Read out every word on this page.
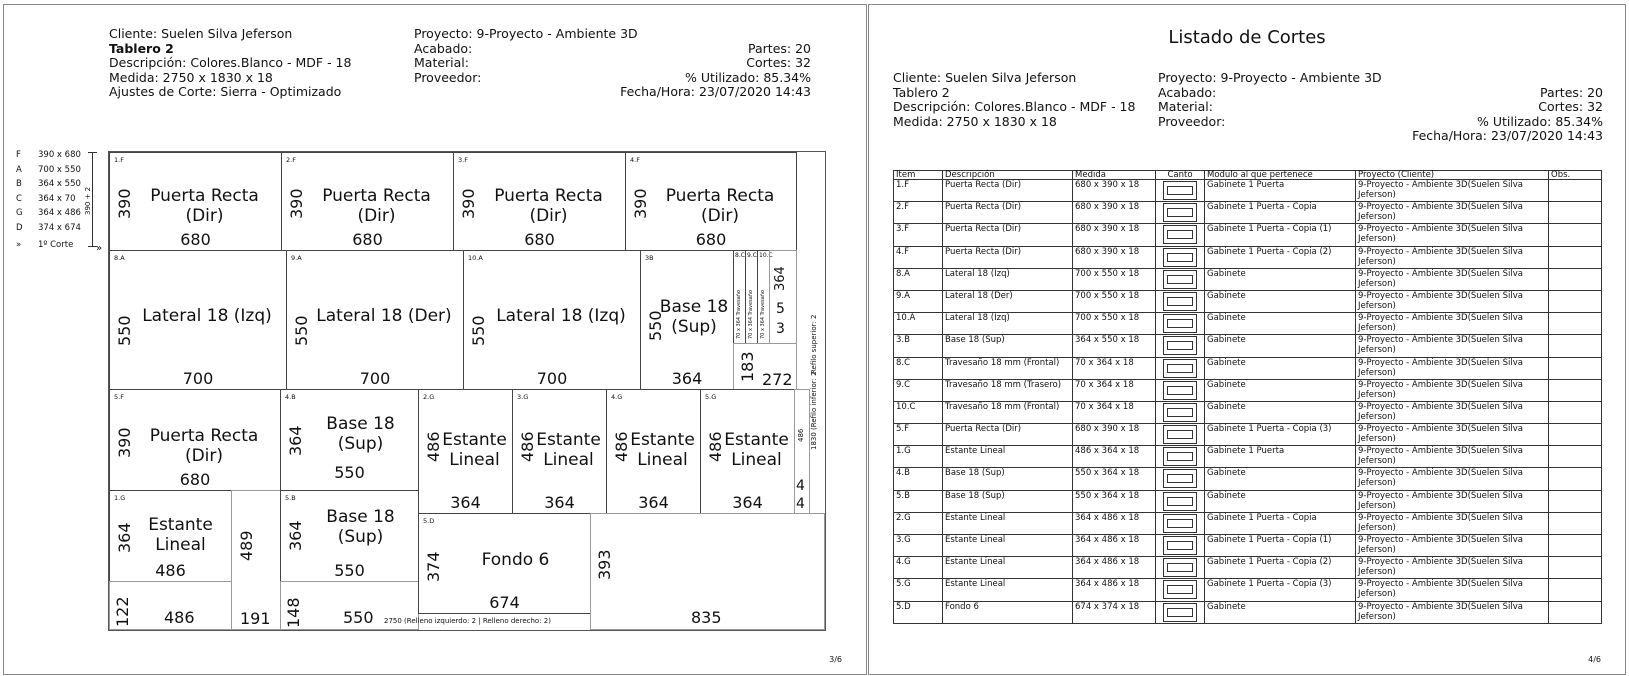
Cliente: Suelen Silva Jeferson
Tablero 2
Descripción: Colores.Blanco - MDF - 18
Medida: 2750 x 1830 x 18
Ajustes de Corte: Sierra - Optimizado
Proyecto: 9-Proyecto - Ambiente 3D
Acabado:
Material:
Proveedor:
Partes: 20
Cortes: 32
% Utilizado: 85.34%
Fecha/Hora: 23/07/2020 14:43
F 390 x 680
A 700 x 550
B 364 x 550
C 364 x 70
G 364 x 486
D 374 x 674
» 1º Corte
390 + 2
»
1.F
390 Puerta Recta (Dir)
680
2.F
390 Puerta Recta (Dir)
680
3.F
390 Puerta Recta (Dir)
680
4.F
390 Puerta Recta (Dir)
680
8.A
550 Lateral 18 (Izq)
700
9.A
550 Lateral 18 (Der)
700
10.A
550 Lateral 18 (Izq)
700
3B
550
Base 18 (Sup)
364
8.C
70 x 364 Travesaño
9.C
70 x 364 Travesaño
10.C
70 x 364 Travesaño
364
5
3
183 272
5.F
390 Puerta Recta (Dir)
680
4.B
364
Base 18 (Sup)
550
2.G
486 Estante Lineal
364
3.G
486 Estante Lineal
364
4.G
486 Estante Lineal
364
5.G
486 Estante Lineal
364
486
4
4
1.G
364 Estante Lineal
486
489
191
122 486
5.B
364
Base 18 (Sup)
550
148	550
5.D
374	Fondo 6
674
393
835
Refilo superior: 2
1830 (Refilo inferior: 2
2750 (Relleno izquierdo: 2 | Relleno derecho: 2)
3/6
Listado de Cortes
Cliente: Suelen Silva Jeferson
Tablero 2
Descripción: Colores.Blanco - MDF - 18
Medida: 2750 x 1830 x 18
Proyecto: 9-Proyecto - Ambiente 3D
Acabado:
Material:
Proveedor:
Partes: 20
Cortes: 32
% Utilizado: 85.34%
Fecha/Hora: 23/07/2020 14:43
Item	Descripción	Medida	Canto	Modulo al que pertenece	Proyecto (Cliente)	Obs.
1.F	Puerta Recta (Dir)	680 x 390 x 18		Gabinete 1 Puerta	9-Proyecto - Ambiente 3D(Suelen Silva Jeferson)	
2.F	Puerta Recta (Dir)	680 x 390 x 18		Gabinete 1 Puerta - Copia	9-Proyecto - Ambiente 3D(Suelen Silva Jeferson)	
3.F	Puerta Recta (Dir)	680 x 390 x 18		Gabinete 1 Puerta - Copia (1)	9-Proyecto - Ambiente 3D(Suelen Silva Jeferson)	
4.F	Puerta Recta (Dir)	680 x 390 x 18		Gabinete 1 Puerta - Copia (2)	9-Proyecto - Ambiente 3D(Suelen Silva Jeferson)	
8.A	Lateral 18 (Izq)	700 x 550 x 18		Gabinete	9-Proyecto - Ambiente 3D(Suelen Silva Jeferson)	
9.A	Lateral 18 (Der)	700 x 550 x 18		Gabinete	9-Proyecto - Ambiente 3D(Suelen Silva Jeferson)	
10.A	Lateral 18 (Izq)	700 x 550 x 18		Gabinete	9-Proyecto - Ambiente 3D(Suelen Silva Jeferson)	
3.B	Base 18 (Sup)	364 x 550 x 18		Gabinete	9-Proyecto - Ambiente 3D(Suelen Silva Jeferson)	
8.C	Travesaño 18 mm (Frontal)	70 x 364 x 18		Gabinete	9-Proyecto - Ambiente 3D(Suelen Silva Jeferson)	
9.C	Travesaño 18 mm (Trasero)	70 x 364 x 18		Gabinete	9-Proyecto - Ambiente 3D(Suelen Silva Jeferson)	
10.C	Travesaño 18 mm (Frontal)	70 x 364 x 18		Gabinete	9-Proyecto - Ambiente 3D(Suelen Silva Jeferson)	
5.F	Puerta Recta (Dir)	680 x 390 x 18		Gabinete 1 Puerta - Copia (3)	9-Proyecto - Ambiente 3D(Suelen Silva Jeferson)	
1.G	Estante Lineal	486 x 364 x 18		Gabinete 1 Puerta	9-Proyecto - Ambiente 3D(Suelen Silva Jeferson)	
4.B	Base 18 (Sup)	550 x 364 x 18		Gabinete	9-Proyecto - Ambiente 3D(Suelen Silva Jeferson)	
5.B	Base 18 (Sup)	550 x 364 x 18		Gabinete	9-Proyecto - Ambiente 3D(Suelen Silva Jeferson)	
2.G	Estante Lineal	364 x 486 x 18		Gabinete 1 Puerta - Copia	9-Proyecto - Ambiente 3D(Suelen Silva Jeferson)	
3.G	Estante Lineal	364 x 486 x 18		Gabinete 1 Puerta - Copia (1)	9-Proyecto - Ambiente 3D(Suelen Silva Jeferson)	
4.G	Estante Lineal	364 x 486 x 18		Gabinete 1 Puerta - Copia (2)	9-Proyecto - Ambiente 3D(Suelen Silva Jeferson)	
5.G	Estante Lineal	364 x 486 x 18		Gabinete 1 Puerta - Copia (3)	9-Proyecto - Ambiente 3D(Suelen Silva Jeferson)	
5.D	Fondo 6	674 x 374 x 18		Gabinete	9-Proyecto - Ambiente 3D(Suelen Silva Jeferson)	

4/6
